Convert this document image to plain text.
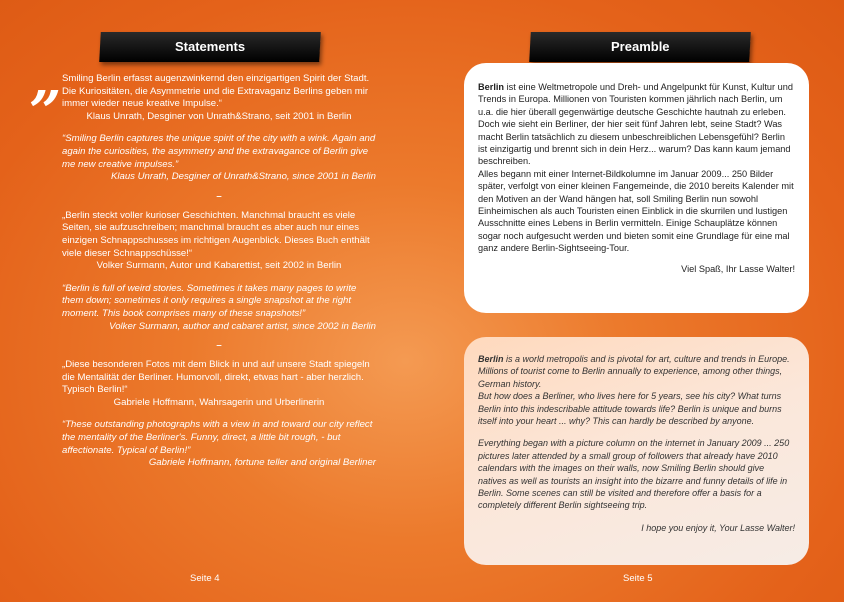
Statements	Preamble
„ Smiling Berlin erfasst augenzwinkernd den einzigartigen Spirit der Stadt. Die Kuriositäten, die Asymmetrie und die Extravaganz Berlins geben mir immer wieder neue kreative Impulse.“

Klaus Unrath, Desginer von Unrath&Strano, seit 2001 in Berlin

“Smiling Berlin captures the unique spirit of the city with a wink. Again and again the curiosities, the asymmetry and the extravagance of Berlin give me new creative impulses.”

Klaus Unrath, Desginer of Unrath&Strano, since 2001 in Berlin

–

„Berlin steckt voller kurioser Geschichten. Manchmal braucht es viele Seiten, sie aufzuschreiben; manchmal braucht es aber auch nur eines einzigen Schnappschusses im richtigen Augenblick. Dieses Buch enthält viele dieser Schnappschüsse!“

Volker Surmann, Autor und Kabarettist, seit 2002 in Berlin

“Berlin is full of weird stories. Sometimes it takes many pages to write them down; sometimes it only requires a single snapshot at the right moment. This book comprises many of these snapshots!”

Volker Surmann, author and cabaret artist, since 2002 in Berlin

–

„Diese besonderen Fotos mit dem Blick in und auf unsere Stadt spiegeln die Mentalität der Berliner. Humorvoll, direkt, etwas hart - aber herzlich. Typisch Berlin!“

Gabriele Hoffmann, Wahrsagerin und Urberlinerin

“These outstanding photographs with a view in and toward our city reflect the mentality of the Berliner's. Funny, direct, a little bit rough, - but affectionate. Typical of Berlin!”

Gabriele Hoffmann, fortune teller and original Berliner

Berlin ist eine Weltmetropole und Dreh- und Angelpunkt für Kunst, Kultur und Trends in Europa. Millionen von Touristen kommen jährlich nach Berlin, um u.a. die hier überall gegenwärtige deutsche Geschichte hautnah zu erleben.

Doch wie sieht ein Berliner, der hier seit fünf Jahren lebt, seine Stadt? Was macht Berlin tatsächlich zu diesem unbeschreiblichen Lebensgefühl? Berlin ist einzigartig und brennt sich in dein Herz... warum? Das kann kaum jemand beschreiben.

Alles begann mit einer Internet-Bildkolumne im Januar 2009... 250 Bilder später, verfolgt von einer kleinen Fangemeinde, die 2010 bereits Kalender mit den Motiven an der Wand hängen hat, soll Smiling Berlin nun sowohl Einheimischen als auch Touristen einen Einblick in die skurrilen und lustigen Ausschnitte eines Lebens in Berlin vermitteln. Einige Schauplätze können sogar noch aufgesucht werden und bieten somit eine Grundlage für eine mal ganz andere Berlin-Sightseeing-Tour.

Viel Spaß, Ihr Lasse Walter!

Berlin is a world metropolis and is pivotal for art, culture and trends in Europe. Millions of tourist come to Berlin annually to experience, among other things, German history.

But how does a Berliner, who lives here for 5 years, see his city? What turns Berlin into this indescribable attitude towards life? Berlin is unique and burns itself into your heart ... why? This can hardly be described by anyone.

Everything began with a picture column on the internet in January 2009 ... 250 pictures later attended by a small group of followers that already have 2010 calendars with the images on their walls, now Smiling Berlin should give natives as well as tourists an insight into the bizarre and funny details of life in Berlin. Some scenes can still be visited and therefore offer a basis for a completely different Berlin sightseeing trip.

I hope you enjoy it, Your Lasse Walter!

Seite 4	Seite 5
